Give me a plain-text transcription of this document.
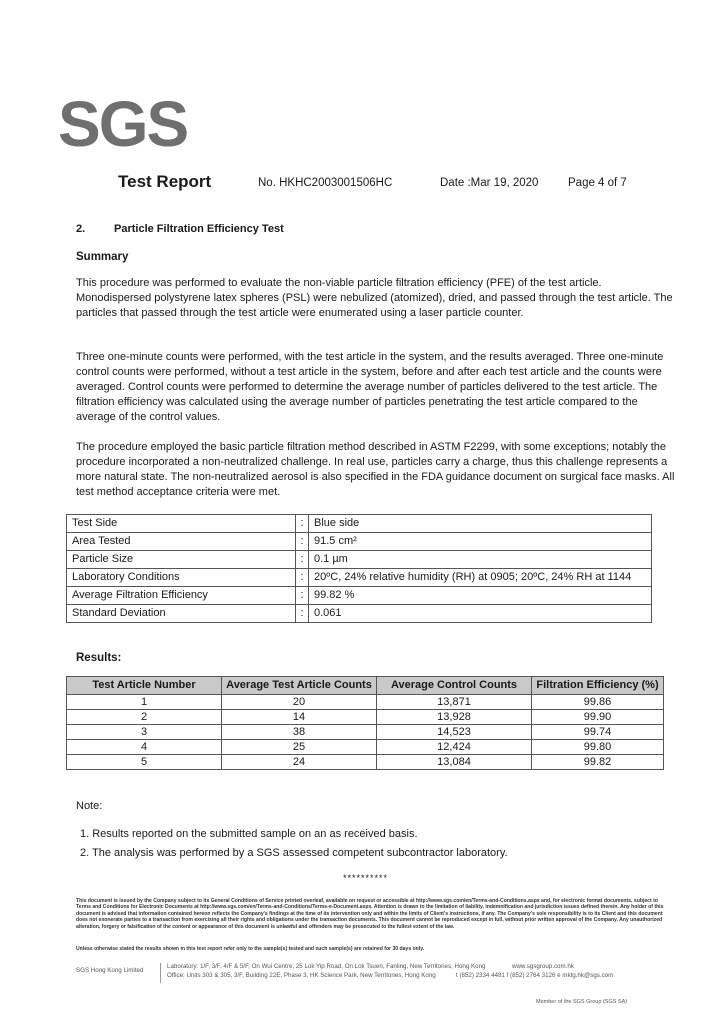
SGS
Test Report	No. HKHC2003001506HC	Date :Mar 19, 2020	Page 4 of 7
2.	Particle Filtration Efficiency Test
Summary
This procedure was performed to evaluate the non-viable particle filtration efficiency (PFE) of the test article. Monodispersed polystyrene latex spheres (PSL) were nebulized (atomized), dried, and passed through the test article. The particles that passed through the test article were enumerated using a laser particle counter.
Three one-minute counts were performed, with the test article in the system, and the results averaged. Three one-minute control counts were performed, without a test article in the system, before and after each test article and the counts were averaged. Control counts were performed to determine the average number of particles delivered to the test article. The filtration efficiency was calculated using the average number of particles penetrating the test article compared to the average of the control values.
The procedure employed the basic particle filtration method described in ASTM F2299, with some exceptions; notably the procedure incorporated a non-neutralized challenge. In real use, particles carry a charge, thus this challenge represents a more natural state. The non-neutralized aerosol is also specified in the FDA guidance document on surgical face masks. All test method acceptance criteria were met.
Test Side	:	Blue side
Area Tested	:	91.5 cm²
Particle Size	:	0.1 µm
Laboratory Conditions	:	20ºC, 24% relative humidity (RH) at 0905; 20ºC, 24% RH at 1144
Average Filtration Efficiency	:	99.82 %
Standard Deviation	:	0.061
Results:
Test Article Number	Average Test Article Counts	Average Control Counts	Filtration Efficiency (%)
1	20	13,871	99.86
2	14	13,928	99.90
3	38	14,523	99.74
4	25	12,424	99.80
5	24	13,084	99.82
Note:
1. Results reported on the submitted sample on an as received basis.
2. The analysis was performed by a SGS assessed competent subcontractor laboratory.
**********
This document is issued by the Company subject to its General Conditions of Service printed overleaf, available on request or accessible at http://www.sgs.com/en/Terms-and-Conditions.aspx and, for electronic format documents, subject to Terms and Conditions for Electronic Documents at http://www.sgs.com/en/Terms-and-Conditions/Terms-e-Document.aspx. Attention is drawn to the limitation of liability, indemnification and jurisdiction issues defined therein. Any holder of this document is advised that information contained hereon reflects the Company's findings at the time of its intervention only and within the limits of Client's instructions, if any. The Company's sole responsibility is to its Client and this document does not exonerate parties to a transaction from exercising all their rights and obligations under the transaction documents. This document cannot be reproduced except in full, without prior written approval of the Company. Any unauthorized alteration, forgery or falsification of the content or appearance of this document is unlawful and offenders may be prosecuted to the fullest extent of the law.
Unless otherwise stated the results shown in this test report refer only to the sample(s) tested and such sample(s) are retained for 30 days only.
SGS Hong Kong Limited
Laboratory: 1/F, 3/F, 4/F & 5/F, On Wui Centre, 25 Lok Yip Road, On Lok Tsuen, Fanling, New Territories, Hong Kong
Office: Units 303 & 305, 3/F, Building 22E, Phase 3, HK Science Park, New Territories, Hong Kong
www.sgsgroup.com.hk
t (852) 2334 4481 f (852) 2764 3126 e mktg.hk@sgs.com
Member of the SGS Group (SGS SA)
